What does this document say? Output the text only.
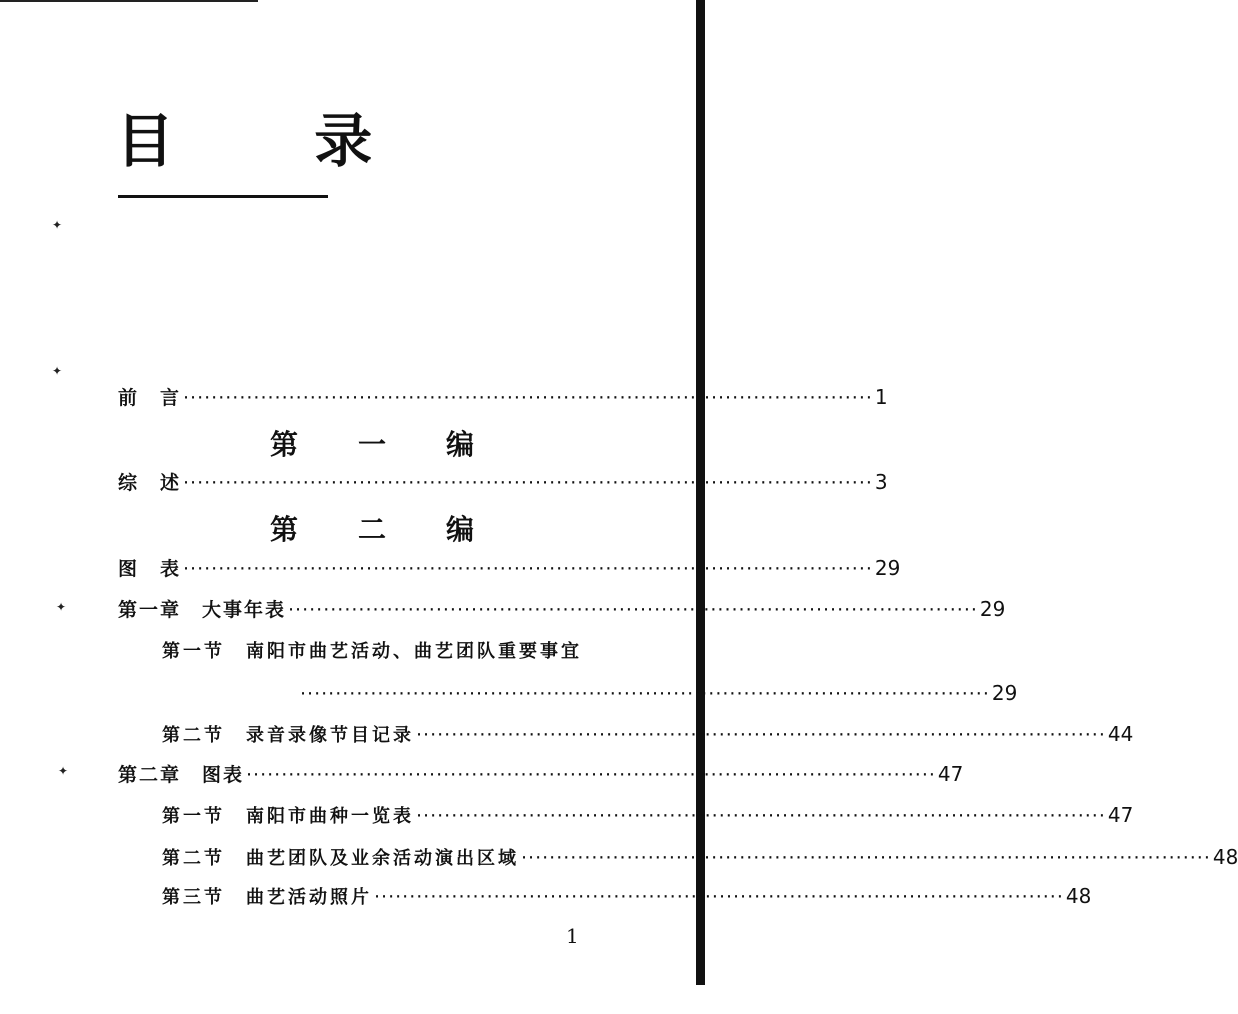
目 录
✦
✦
✦
✦
前　言 ·································································································· 1
第 一 编
综　述 ·································································································· 3
第 二 编
图　表 ·································································································· 29
第一章　大事年表 ·································································································· 29
第一节　南阳市曲艺活动、曲艺团队重要事宜
·································································································· 29
第二节　录音录像节目记录 ·································································································· 44
第二章　图表 ·································································································· 47
第一节　南阳市曲种一览表 ·································································································· 47
第二节　曲艺团队及业余活动演出区域 ·································································································· 48
第三节　曲艺活动照片 ·································································································· 48
1
